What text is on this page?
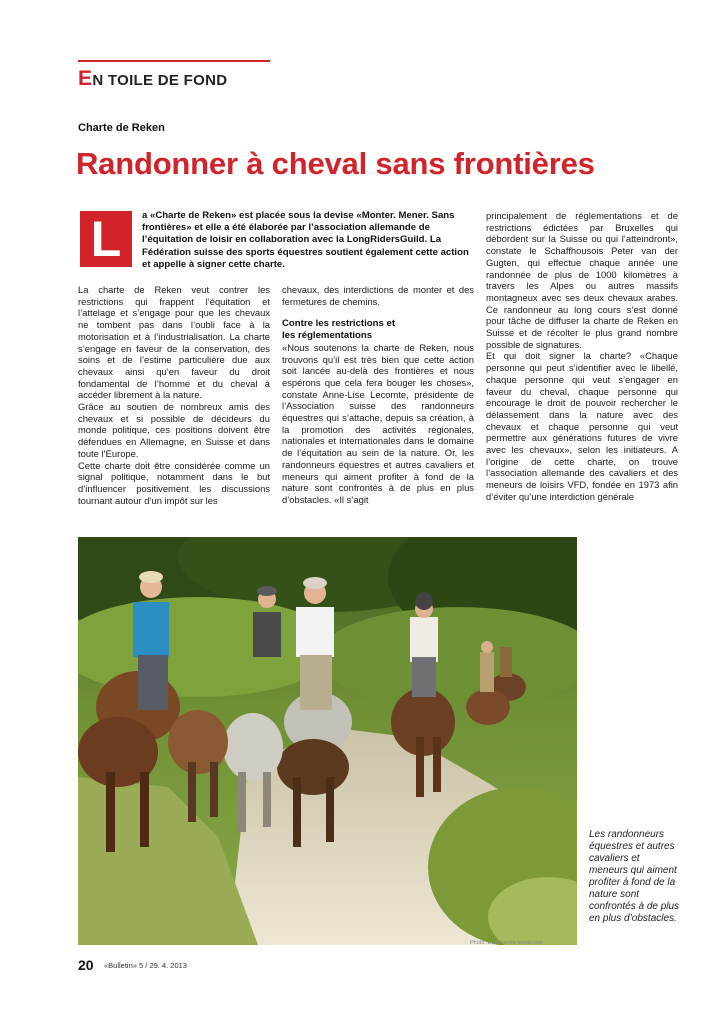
EN TOILE DE FOND
Charte de Reken
Randonner à cheval sans frontières
L	a «Charte de Reken» est placée sous la devise «Monter. Mener. Sans frontières» et elle a été élaborée par l’association allemande de l’équitation de loisir en collaboration avec la LongRidersGuild. La Fédération suisse des sports équestres soutient également cette action et appelle à signer cette charte.

La charte de Reken veut contrer les restrictions qui frappent l’équitation et l’attelage et s’engage pour que les chevaux ne tombent pas dans l’oubli face à la motorisation et à l’industrialisation. La charte s’engage en faveur de la conservation, des soins et de l’estime particulière due aux chevaux ainsi qu’en faveur du droit fondamental de l’homme et du cheval à accéder librement à la nature.

Grâce au soutien de nombreux amis des chevaux et si possible de décideurs du monde politique, ces positions doivent être défendues en Allemagne, en Suisse et dans toute l’Europe.

Cette charte doit être considérée comme un signal politique, notamment dans le but d’influencer positivement les discussions tournant autour d’un impôt sur les

chevaux, des interdictions de monter et des fermetures de chemins.

Contre les restrictions et
les réglementations

«Nous soutenons la charte de Reken, nous trouvons qu’il est très bien que cette action soit lancée au-delà des frontières et nous espérons que cela fera bouger les choses», constate Anne-Lise Lecomte, présidente de l’Association suisse des randonneurs équestres qui s’attache, depuis sa création, à la promotion des activités régionales, nationales et internationales dans le domaine de l’équitation au sein de la nature. Or, les randonneurs équestres et autres cavaliers et meneurs qui aiment profiter à fond de la nature sont confrontés à de plus en plus d’obstacles. «Il s’agit

principalement de réglementations et de restrictions édictées par Bruxelles qui débordent sur la Suisse ou qui l’atteindront», constate le Schaffhousois Peter van der Gugten, qui effectue chaque année une randonnée de plus de 1000 kilomètres à travers les Alpes ou autres massifs montagneux avec ses deux chevaux arabes. Ce randonneur au long cours s’est donné pour tâche de diffuser la charte de Reken en Suisse et de récolter le plus grand nombre possible de signatures.

Et qui doit signer la charte? «Chaque personne qui peut s’identifier avec le libellé, chaque personne qui veut s’engager en faveur du cheval, chaque personne qui encourage le droit de pouvoir rechercher le délassement dans la nature avec des chevaux et chaque personne qui veut permettre aux générations futures de vivre avec les chevaux», selon les initiateurs. A l’origine de cette charte, on trouve l’association allemande des cavaliers et des meneurs de loisirs VFD, fondée en 1973 afin d’éviter qu’une interdiction générale

Photo: www.carola-lenski.com
Les randonneurs équestres et autres cavaliers et meneurs qui aiment profiter à fond de la nature sont confrontés à de plus en plus d’obstacles.
20 «Bulletin» 5 / 29. 4. 2013
